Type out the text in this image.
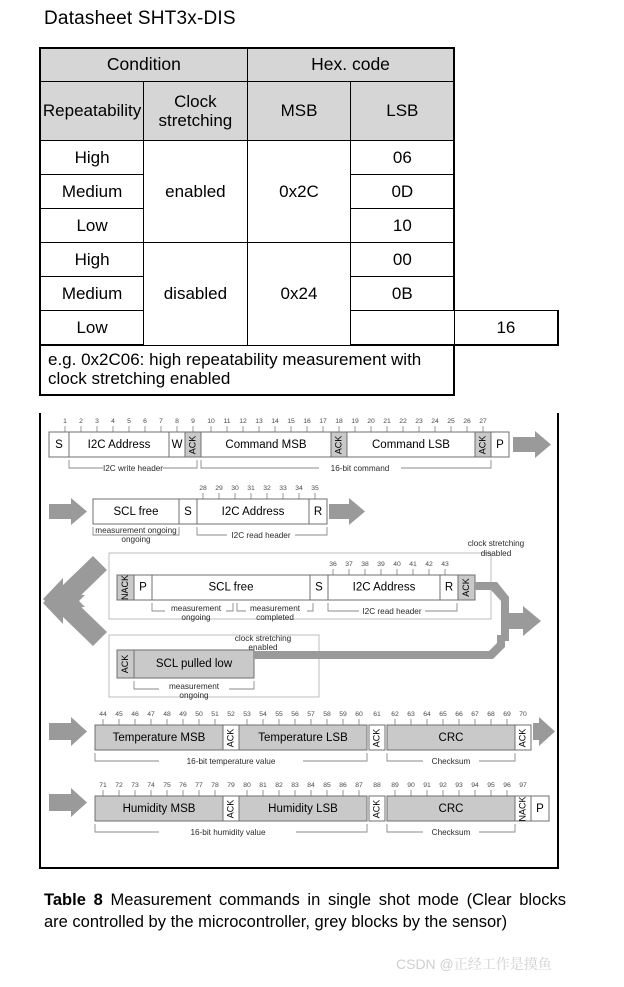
Datasheet SHT3x-DIS
Condition		Hex. code		
Repeatability	Clock stretching	MSB	LSB	
High	enabled	0x2C	06	
Medium			0D	
Low			10	
High	disabled	0x24	00	
Medium			0B	
Low				16
e.g. 0x2C06: high repeatability measurement with clock stretching enabled				
1 2 3 4 5 6 7 8 9 10 11 12 13 14 15 16 17 18 19 20 21 22 23 24 25 26 27
S I2C Address W ACK Command MSB	ACK Command LSB	ACK P
I2C write header	16-bit command
28 29 30 31 32 33 34 35
SCL free S	I2C Address	R
measurement ongoing
ongoing	I2C read header
36 37 38 39 40 41 42 43
NACK P	SCL free	S	I2C Address	R ACK
clock stretching
disabled
measurement
ongoing
measurement
completed
I2C read header
ACK SCL pulled low
clock stretching
enabled
measurement
ongoing
44 45 46 47 48 49 50 51 52 53 54 55 56 57 58 59 60 61 62 63 64 65 66 67 68 69 70
Temperature MSB ACK Temperature LSB	ACK	CRC	ACK
16-bit temperature value	Checksum
71 72 73 74 75 76 77 78 79 80 81 82 83 84 85 86 87 88 89 90 91 92 93 94 95 96 97
Humidity MSB	ACK	Humidity LSB	ACK	CRC	NACK P
16-bit humidity value	Checksum
Table 8 Measurement commands in single shot mode (Clear blocks are controlled by the microcontroller, grey blocks by the sensor)
CSDN @正经工作是摸鱼
